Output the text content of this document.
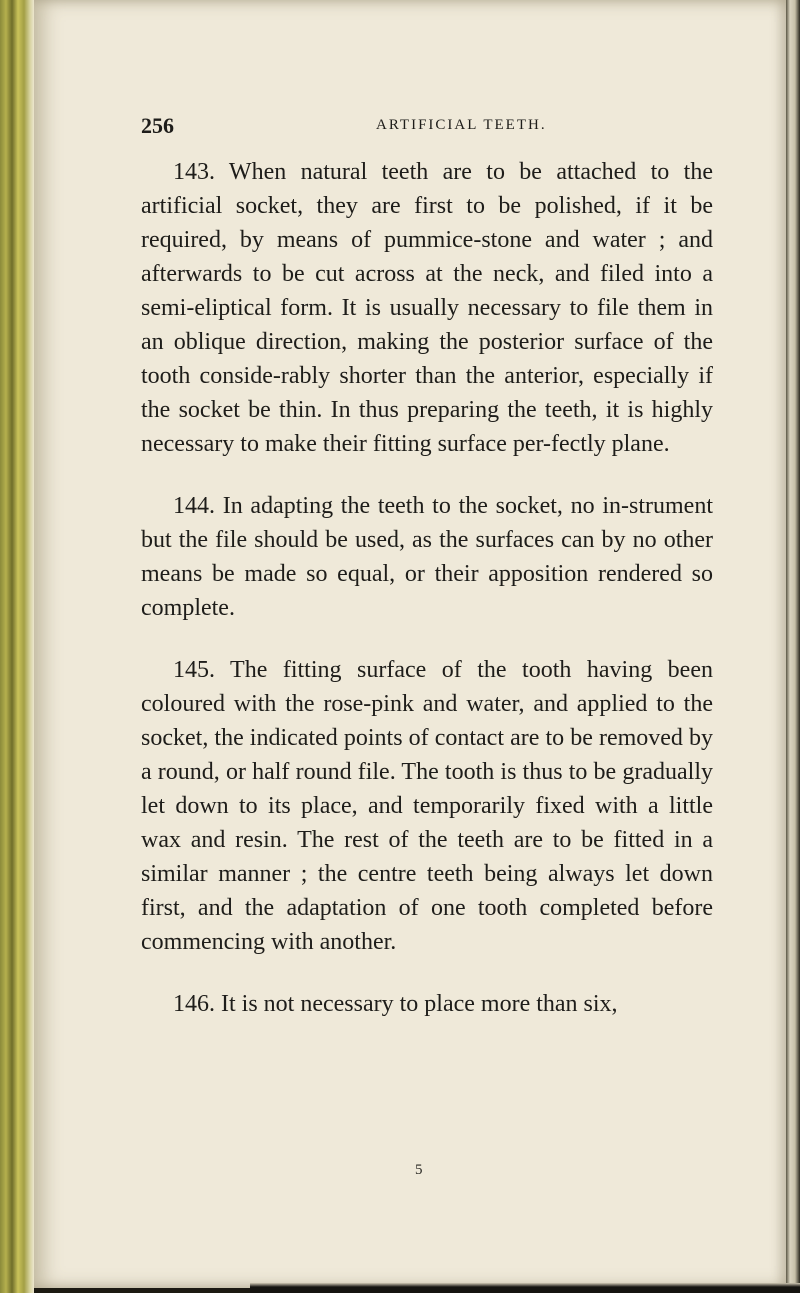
256	ARTIFICIAL TEETH.

143. When natural teeth are to be attached to the artificial socket, they are first to be polished, if it be required, by means of pummice-stone and water ; and afterwards to be cut across at the neck, and filed into a semi-eliptical form. It is usually necessary to file them in an oblique direction, making the posterior surface of the tooth conside-rably shorter than the anterior, especially if the socket be thin. In thus preparing the teeth, it is highly necessary to make their fitting surface per-fectly plane.

144. In adapting the teeth to the socket, no in-strument but the file should be used, as the surfaces can by no other means be made so equal, or their apposition rendered so complete.

145. The fitting surface of the tooth having been coloured with the rose-pink and water, and applied to the socket, the indicated points of contact are to be removed by a round, or half round file. The tooth is thus to be gradually let down to its place, and temporarily fixed with a little wax and resin. The rest of the teeth are to be fitted in a similar manner ; the centre teeth being always let down first, and the adaptation of one tooth completed before commencing with another.

146. It is not necessary to place more than six,

5
